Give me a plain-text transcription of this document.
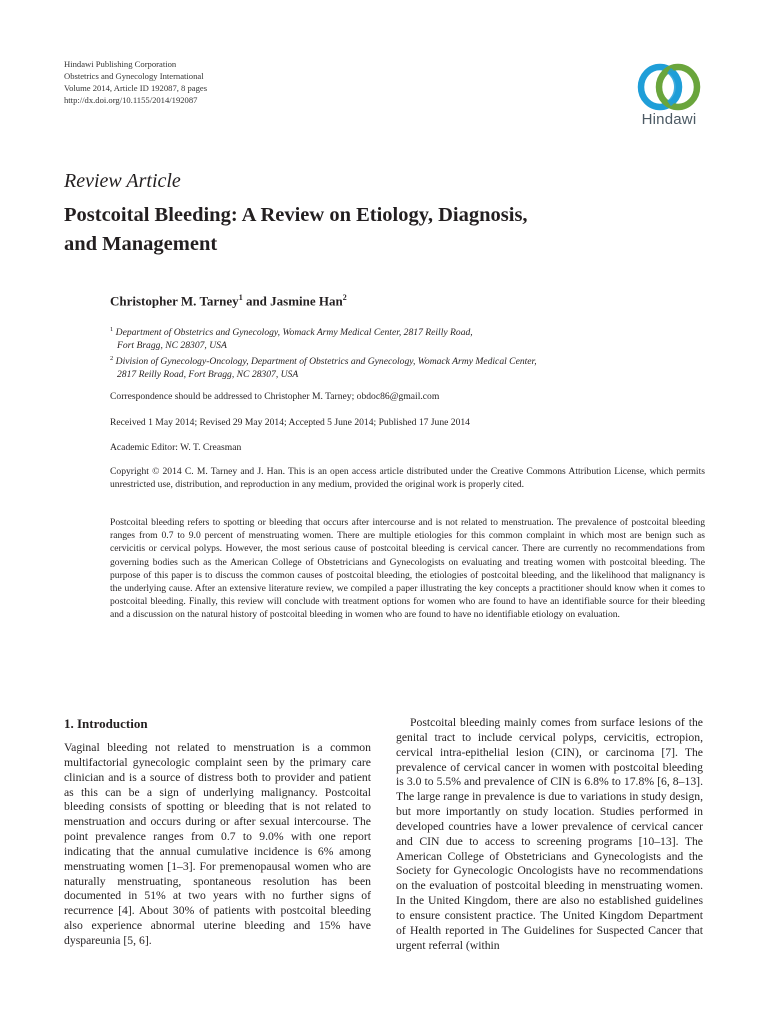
Hindawi Publishing Corporation
Obstetrics and Gynecology International
Volume 2014, Article ID 192087, 8 pages
http://dx.doi.org/10.1155/2014/192087
Hindawi
Review Article
Postcoital Bleeding: A Review on Etiology, Diagnosis, and Management
Christopher M. Tarney$^1$ and Jasmine Han$^2$
$^1$ Department of Obstetrics and Gynecology, Womack Army Medical Center, 2817 Reilly Road,
Fort Bragg, NC 28307, USA
$^2$ Division of Gynecology-Oncology, Department of Obstetrics and Gynecology, Womack Army Medical Center,
2817 Reilly Road, Fort Bragg, NC 28307, USA
Correspondence should be addressed to Christopher M. Tarney; obdoc86@gmail.com
Received 1 May 2014; Revised 29 May 2014; Accepted 5 June 2014; Published 17 June 2014
Academic Editor: W. T. Creasman
Copyright © 2014 C. M. Tarney and J. Han. This is an open access article distributed under the Creative Commons Attribution License, which permits unrestricted use, distribution, and reproduction in any medium, provided the original work is properly cited.
Postcoital bleeding refers to spotting or bleeding that occurs after intercourse and is not related to menstruation. The prevalence of postcoital bleeding ranges from 0.7 to 9.0 percent of menstruating women. There are multiple etiologies for this common complaint in which most are benign such as cervicitis or cervical polyps. However, the most serious cause of postcoital bleeding is cervical cancer. There are currently no recommendations from governing bodies such as the American College of Obstetricians and Gynecologists on evaluating and treating women with postcoital bleeding. The purpose of this paper is to discuss the common causes of postcoital bleeding, the etiologies of postcoital bleeding, and the likelihood that malignancy is the underlying cause. After an extensive literature review, we compiled a paper illustrating the key concepts a practitioner should know when it comes to postcoital bleeding. Finally, this review will conclude with treatment options for women who are found to have an identifiable source for their bleeding and a discussion on the natural history of postcoital bleeding in women who are found to have no identifiable etiology on evaluation.
1. Introduction
Vaginal bleeding not related to menstruation is a common multifactorial gynecologic complaint seen by the primary care clinician and is a source of distress both to provider and patient as this can be a sign of underlying malignancy. Postcoital bleeding consists of spotting or bleeding that is not related to menstruation and occurs during or after sexual intercourse. The point prevalence ranges from 0.7 to 9.0% with one report indicating that the annual cumulative incidence is 6% among menstruating women [1–3]. For premenopausal women who are naturally menstruating, spontaneous resolution has been documented in 51% at two years with no further signs of recurrence [4]. About 30% of patients with postcoital bleeding also experience abnormal uterine bleeding and 15% have dyspareunia [5, 6].
Postcoital bleeding mainly comes from surface lesions of the genital tract to include cervical polyps, cervicitis, ectropion, cervical intra-epithelial lesion (CIN), or carcinoma [7]. The prevalence of cervical cancer in women with postcoital bleeding is 3.0 to 5.5% and prevalence of CIN is 6.8% to 17.8% [6, 8–13]. The large range in prevalence is due to variations in study design, but more importantly on study location. Studies performed in developed countries have a lower prevalence of cervical cancer and CIN due to access to screening programs [10–13]. The American College of Obstetricians and Gynecologists and the Society for Gynecologic Oncologists have no recommendations on the evaluation of postcoital bleeding in menstruating women. In the United Kingdom, there are also no established guidelines to ensure consistent practice. The United Kingdom Department of Health reported in The Guidelines for Suspected Cancer that urgent referral (within
